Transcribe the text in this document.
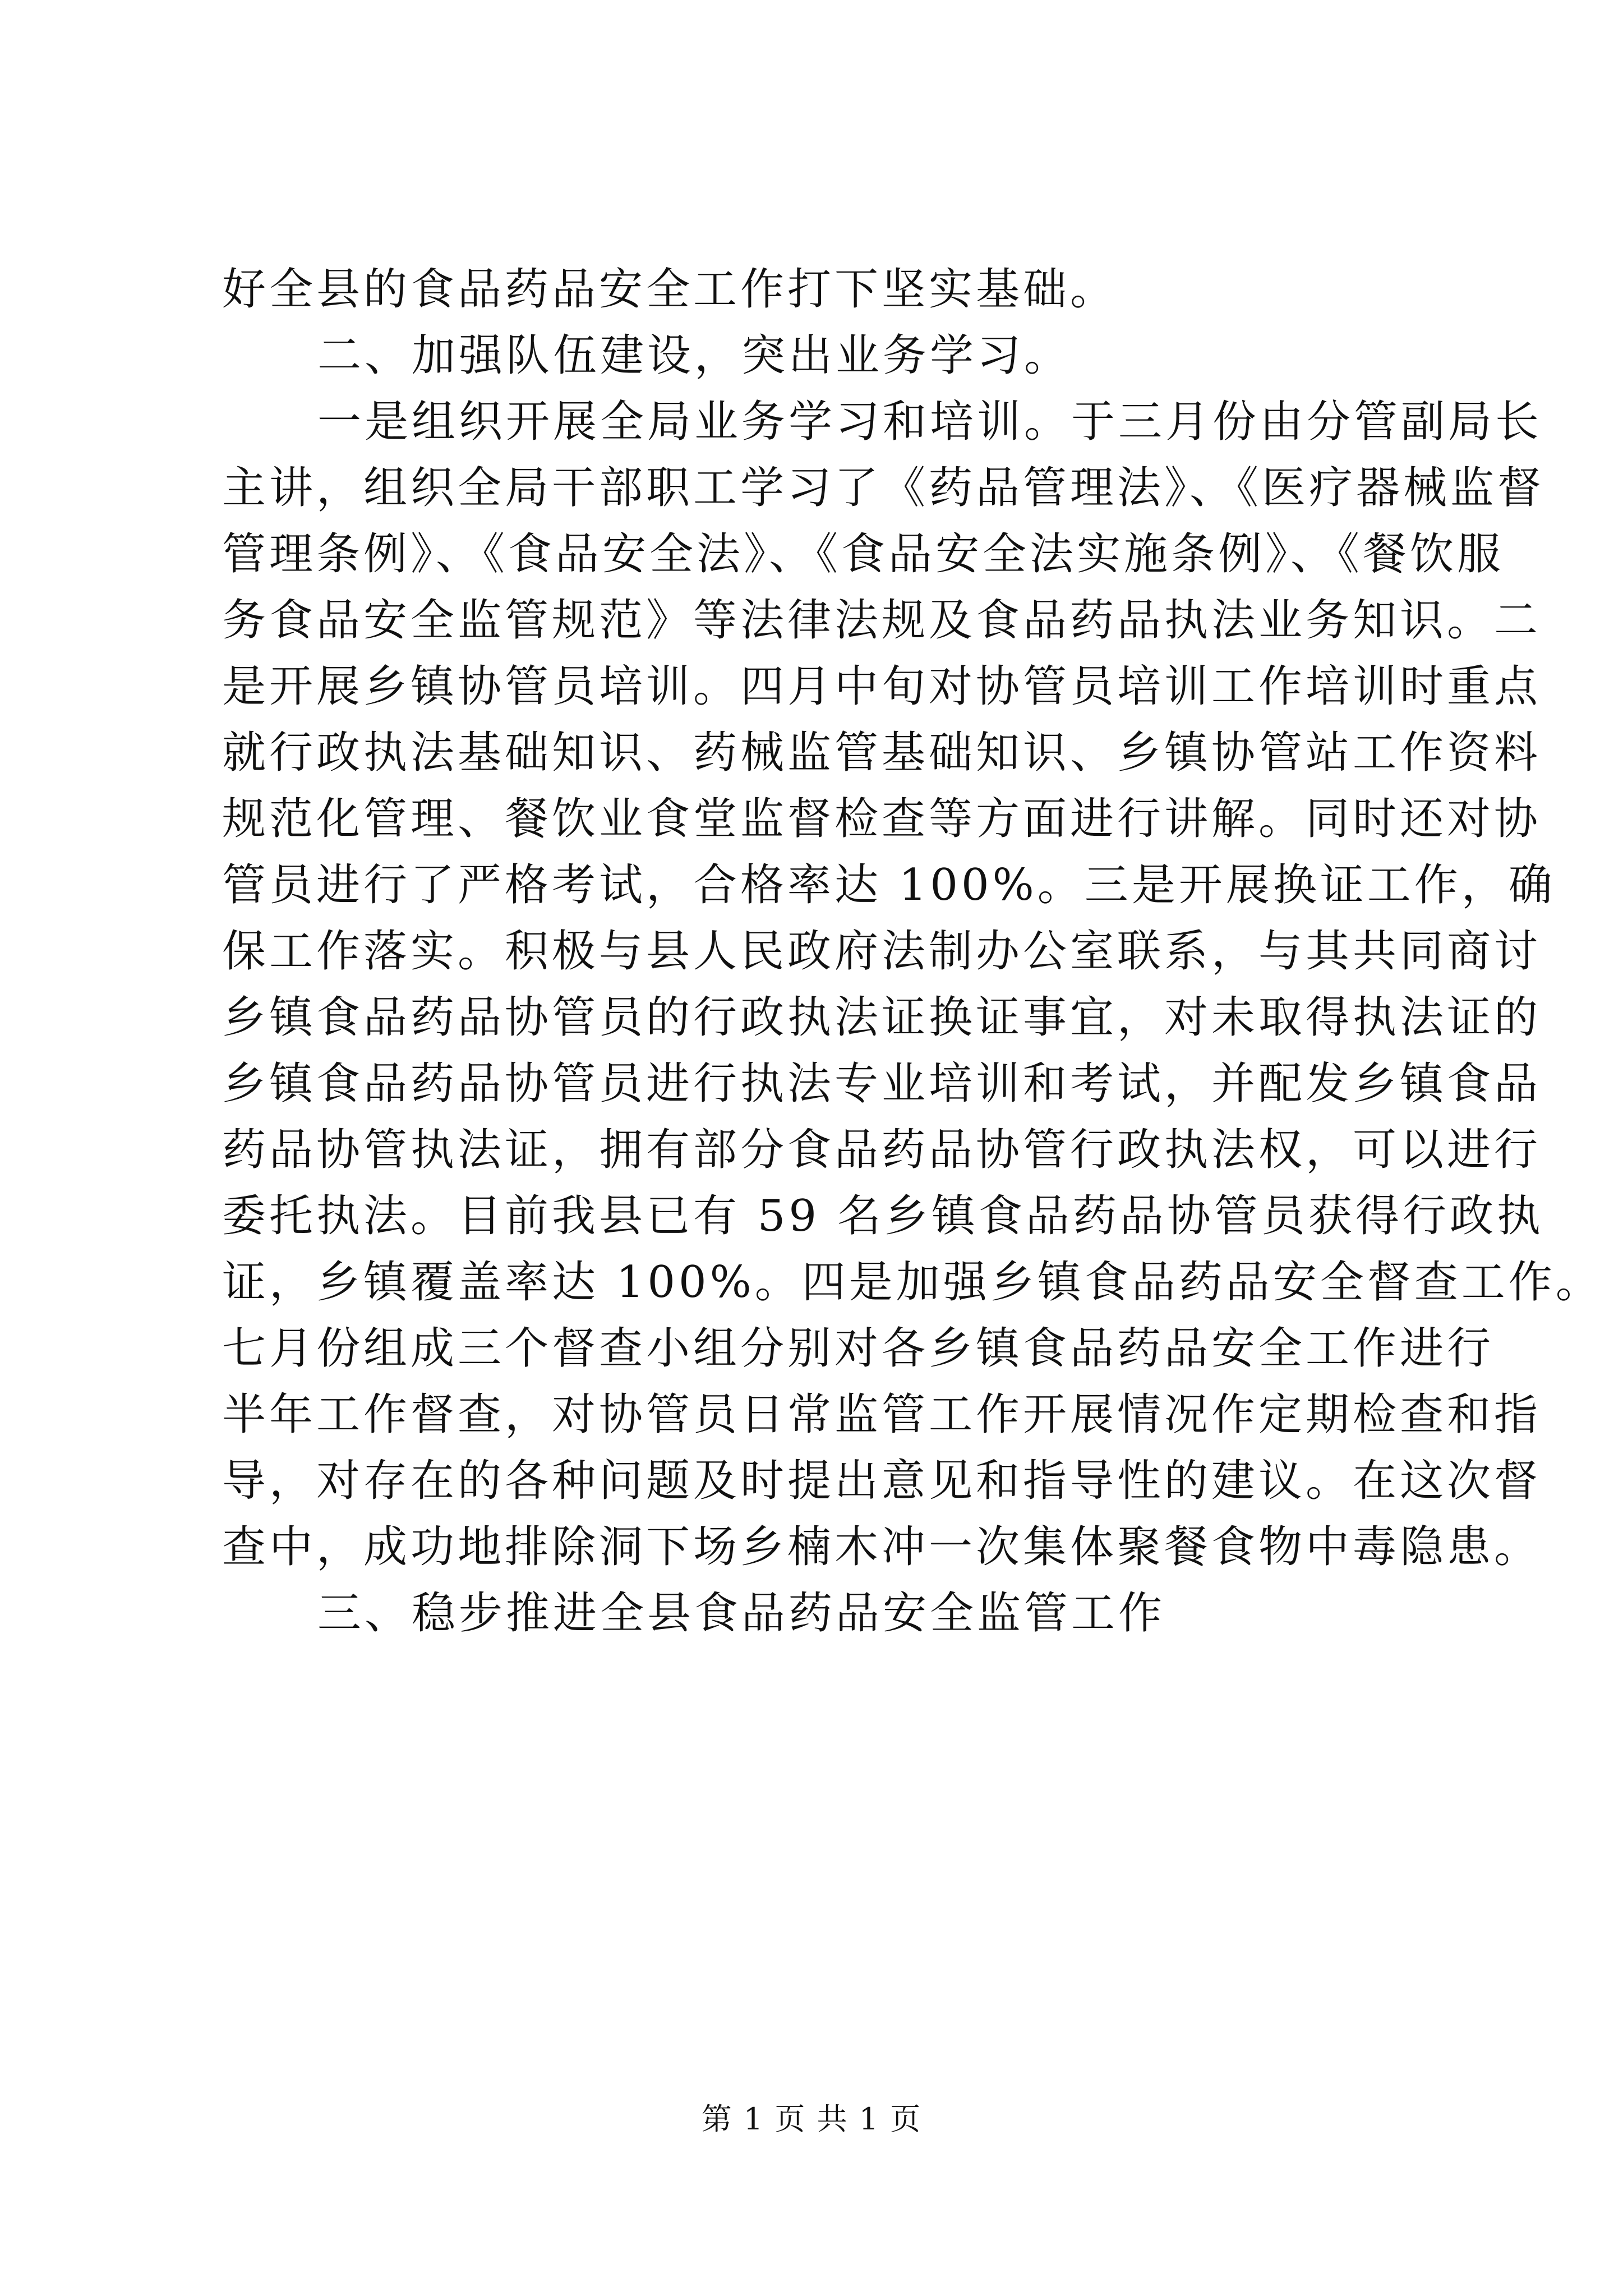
好全县的食品药品安全工作打下坚实基础。
二、加强队伍建设，突出业务学习。
一是组织开展全局业务学习和培训。于三月份由分管副局长
主讲，组织全局干部职工学习了《药品管理法》、《医疗器械监督
管理条例》、《食品安全法》、《食品安全法实施条例》、《餐饮服
务食品安全监管规范》等法律法规及食品药品执法业务知识。二
是开展乡镇协管员培训。四月中旬对协管员培训工作培训时重点
就行政执法基础知识、药械监管基础知识、乡镇协管站工作资料
规范化管理、餐饮业食堂监督检查等方面进行讲解。同时还对协
管员进行了严格考试，合格率达 100%。三是开展换证工作，确
保工作落实。积极与县人民政府法制办公室联系，与其共同商讨
乡镇食品药品协管员的行政执法证换证事宜，对未取得执法证的
乡镇食品药品协管员进行执法专业培训和考试，并配发乡镇食品
药品协管执法证，拥有部分食品药品协管行政执法权，可以进行
委托执法。目前我县已有 59 名乡镇食品药品协管员获得行政执
证，乡镇覆盖率达 100%。四是加强乡镇食品药品安全督查工作。
七月份组成三个督查小组分别对各乡镇食品药品安全工作进行
半年工作督查，对协管员日常监管工作开展情况作定期检查和指
导，对存在的各种问题及时提出意见和指导性的建议。在这次督
查中，成功地排除洞下场乡楠木冲一次集体聚餐食物中毒隐患。
三、稳步推进全县食品药品安全监管工作
第 1 页 共 1 页
